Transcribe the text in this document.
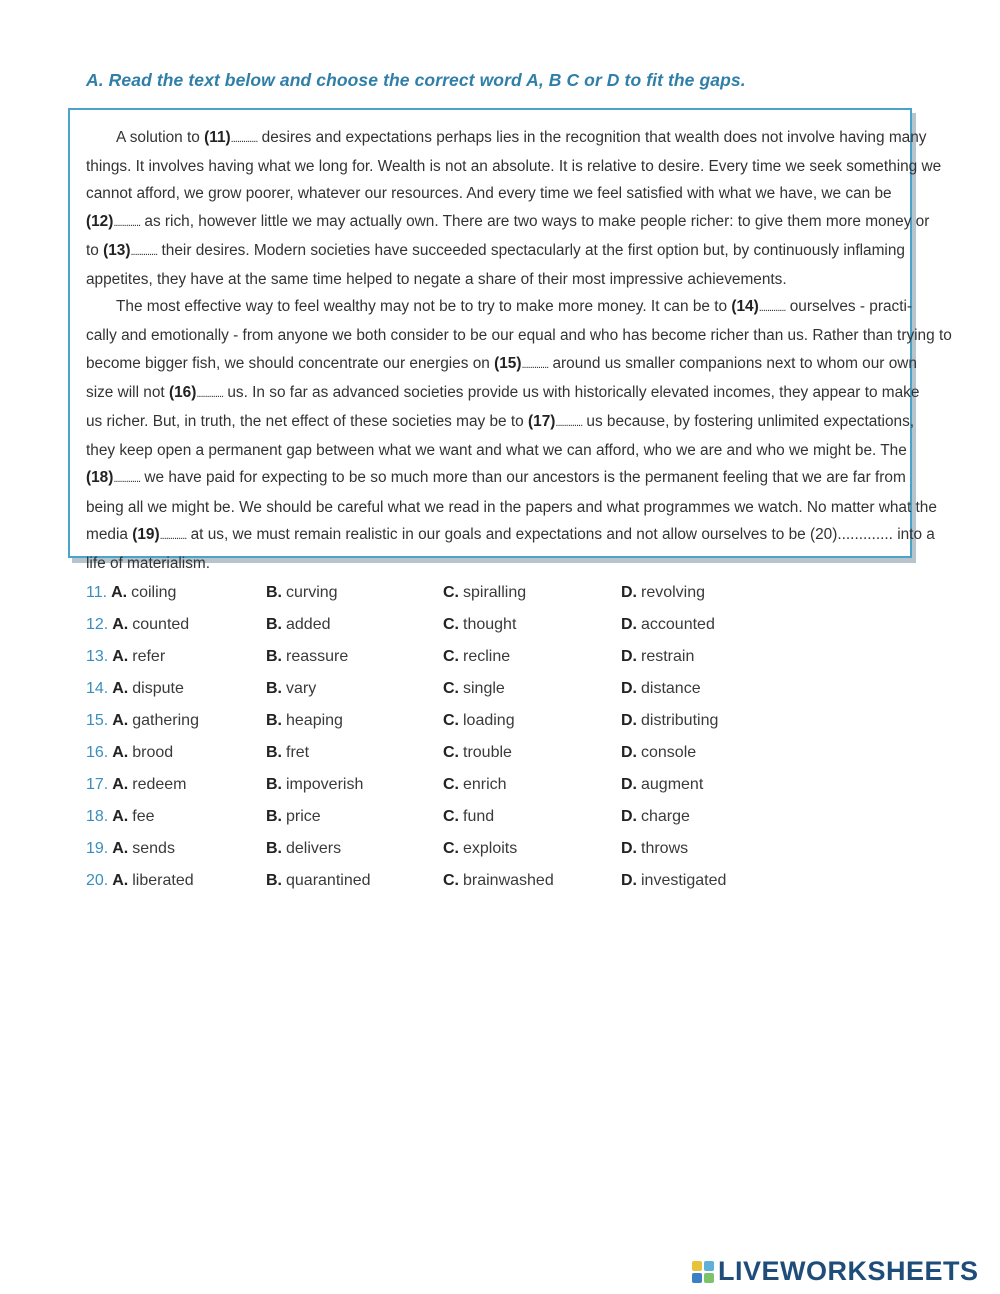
A. Read the text below and choose the correct word A, B C or D to fit the gaps.
A solution to (11)............. desires and expectations perhaps lies in the recognition that wealth does not involve having many
things. It involves having what we long for. Wealth is not an absolute. It is relative to desire. Every time we seek something we
cannot afford, we grow poorer, whatever our resources. And every time we feel satisfied with what we have, we can be
(12)............. as rich, however little we may actually own. There are two ways to make people richer: to give them more money or
to (13)............. their desires. Modern societies have succeeded spectacularly at the first option but, by continuously inflaming
appetites, they have at the same time helped to negate a share of their most impressive achievements.
The most effective way to feel wealthy may not be to try to make more money. It can be to (14)............. ourselves - practi-
cally and emotionally - from anyone we both consider to be our equal and who has become richer than us. Rather than trying to
become bigger fish, we should concentrate our energies on (15)............. around us smaller companions next to whom our own
size will not (16)............. us. In so far as advanced societies provide us with historically elevated incomes, they appear to make
us richer. But, in truth, the net effect of these societies may be to (17)............. us because, by fostering unlimited expectations,
they keep open a permanent gap between what we want and what we can afford, who we are and who we might be. The
(18)............. we have paid for expecting to be so much more than our ancestors is the permanent feeling that we are far from
being all we might be. We should be careful what we read in the papers and what programmes we watch. No matter what the
media (19)............. at us, we must remain realistic in our goals and expectations and not allow ourselves to be (20)............. into a
life of materialism.
11. A. coiling	B. curving	C. spiralling	D. revolving
12. A. counted	B. added	C. thought	D. accounted
13. A. refer	B. reassure	C. recline	D. restrain
14. A. dispute	B. vary	C. single	D. distance
15. A. gathering	B. heaping	C. loading	D. distributing
16. A. brood	B. fret	C. trouble	D. console
17. A. redeem	B. impoverish	C. enrich	D. augment
18. A. fee	B. price	C. fund	D. charge
19. A. sends	B. delivers	C. exploits	D. throws
20. A. liberated	B. quarantined	C. brainwashed	D. investigated
LIVEWORKSHEETS
